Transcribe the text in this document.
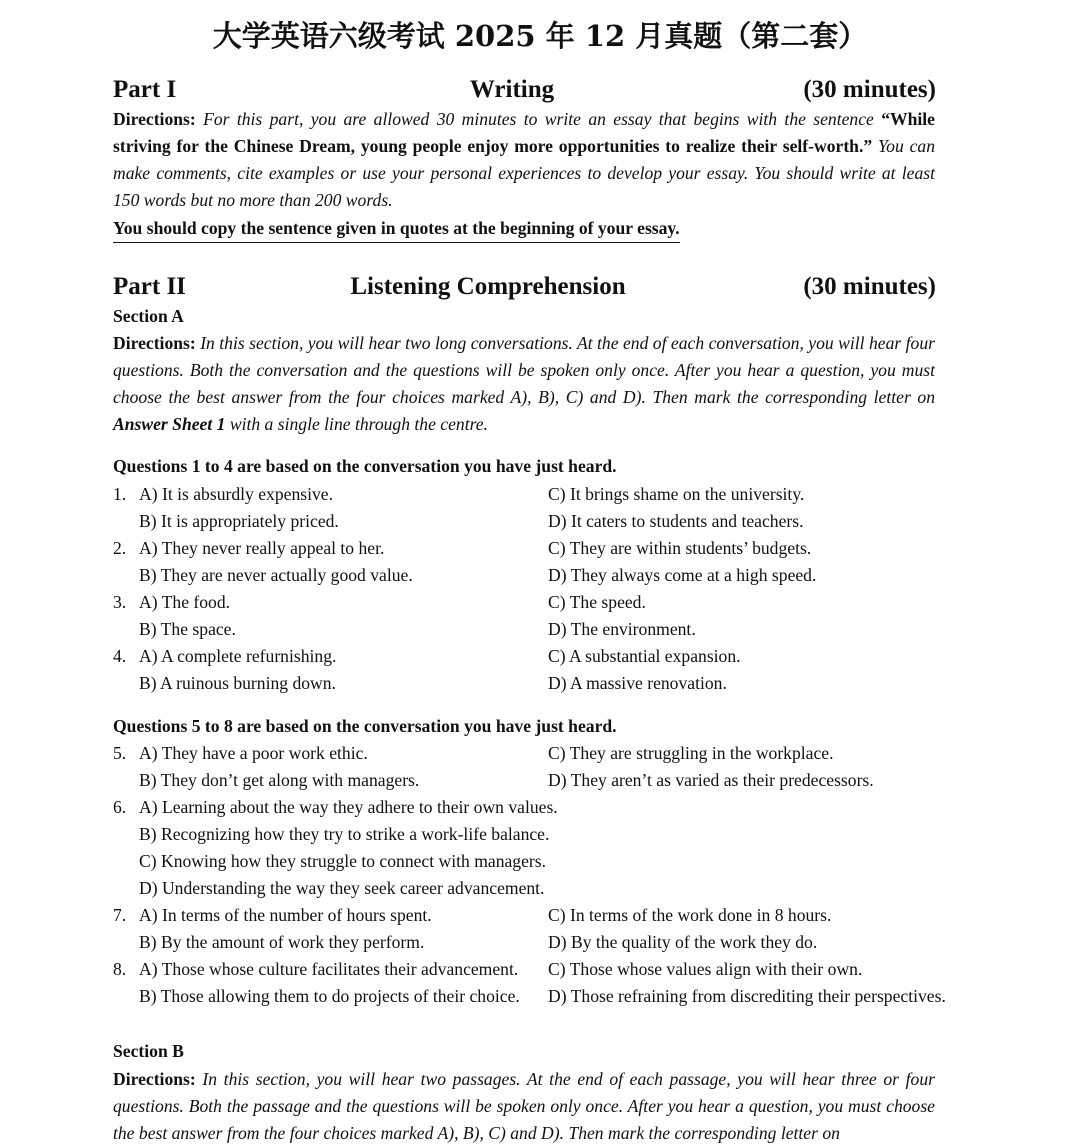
大学英语六级考试 2025 年 12 月真题（第二套）
Part I	Writing	(30 minutes)
Directions: For this part, you are allowed 30 minutes to write an essay that begins with the sentence “While striving for the Chinese Dream, young people enjoy more opportunities to realize their self-worth.” You can make comments, cite examples or use your personal experiences to develop your essay. You should write at least 150 words but no more than 200 words.
You should copy the sentence given in quotes at the beginning of your essay.
Part II	Listening Comprehension	(30 minutes)
Section A
Directions: In this section, you will hear two long conversations. At the end of each conversation, you will hear four questions. Both the conversation and the questions will be spoken only once. After you hear a question, you must choose the best answer from the four choices marked A), B), C) and D). Then mark the corresponding letter on Answer Sheet 1 with a single line through the centre.
Questions 1 to 4 are based on the conversation you have just heard.
1. A) It is absurdly expensive.
B) It is appropriately priced.
C) It brings shame on the university.
D) It caters to students and teachers.
2. A) They never really appeal to her.
B) They are never actually good value.
C) They are within students’ budgets.
D) They always come at a high speed.
3. A) The food.
B) The space.
C) The speed.
D) The environment.
4. A) A complete refurnishing.
B) A ruinous burning down.
C) A substantial expansion.
D) A massive renovation.
Questions 5 to 8 are based on the conversation you have just heard.
5. A) They have a poor work ethic.
B) They don’t get along with managers.
C) They are struggling in the workplace.
D) They aren’t as varied as their predecessors.
6. A) Learning about the way they adhere to their own values.
B) Recognizing how they try to strike a work-life balance.
C) Knowing how they struggle to connect with managers.
D) Understanding the way they seek career advancement.
7. A) In terms of the number of hours spent.
B) By the amount of work they perform.
C) In terms of the work done in 8 hours.
D) By the quality of the work they do.
8. A) Those whose culture facilitates their advancement.
B) Those allowing them to do projects of their choice.
C) Those whose values align with their own.
D) Those refraining from discrediting their perspectives.
Section B
Directions: In this section, you will hear two passages. At the end of each passage, you will hear three or four questions. Both the passage and the questions will be spoken only once. After you hear a question, you must choose the best answer from the four choices marked A), B), C) and D). Then mark the corresponding letter on
